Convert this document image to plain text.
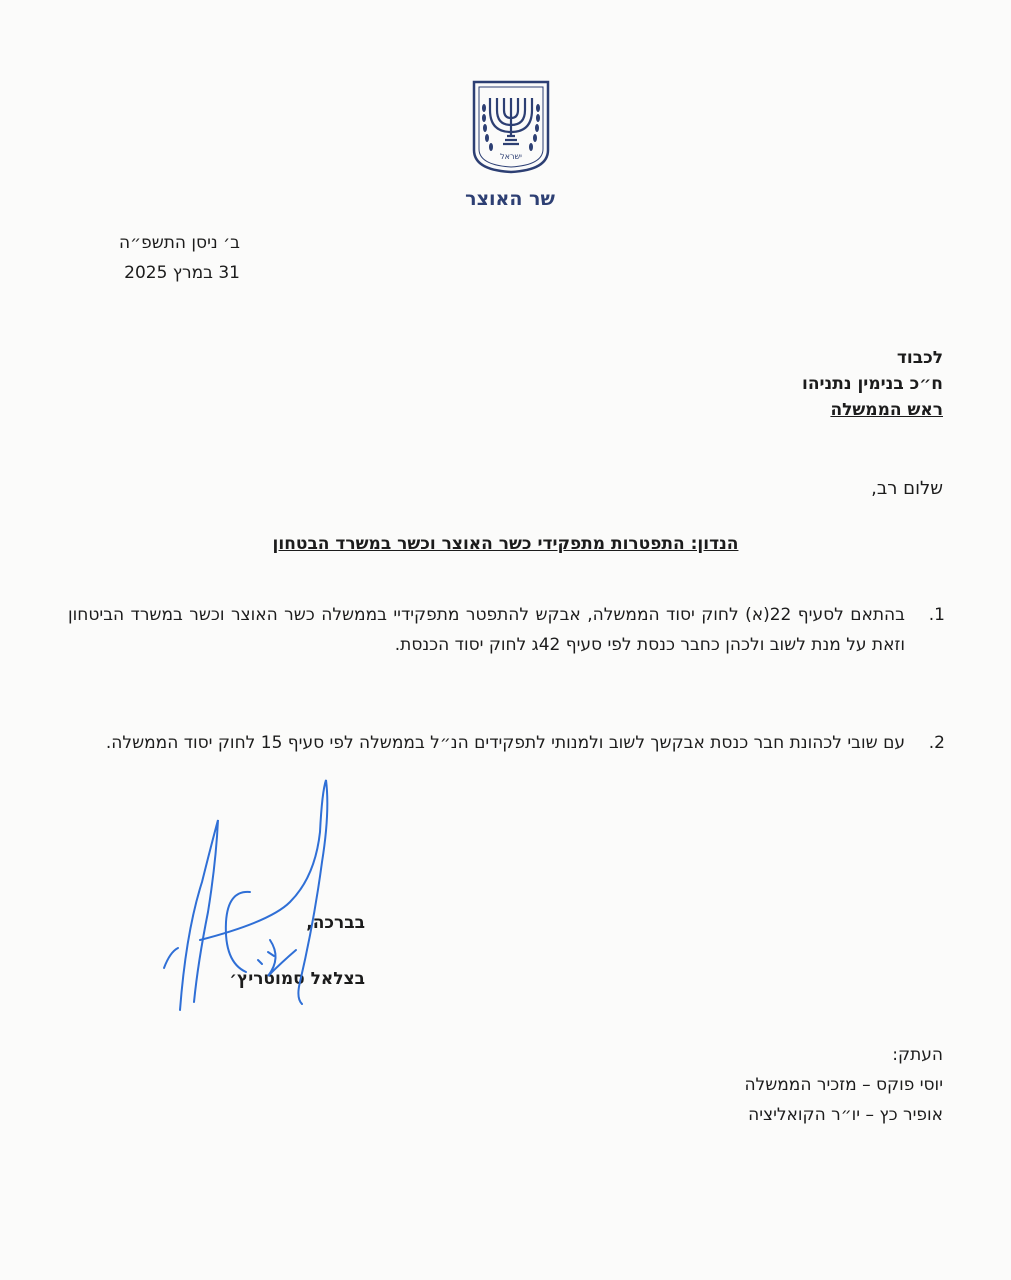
ישראל
שר האוצר
ב׳ ניסן התשפ״ה
31 במרץ 2025
לכבוד
ח״כ בנימין נתניהו
ראש הממשלה
שלום רב,
הנדון: התפטרות מתפקידי כשר האוצר וכשר במשרד הבטחון
1.
בהתאם לסעיף 22(א) לחוק יסוד הממשלה, אבקש להתפטר מתפקידיי בממשלה כשר האוצר וכשר במשרד הביטחון וזאת על מנת לשוב ולכהן כחבר כנסת לפי סעיף 42ג לחוק יסוד הכנסת.
2.
עם שובי לכהונת חבר כנסת אבקשך לשוב ולמנותי לתפקידים הנ״ל בממשלה לפי סעיף 15 לחוק יסוד הממשלה.
בברכה,
בצלאל סמוטריץ׳
העתק:
יוסי פוקס – מזכיר הממשלה
אופיר כץ – יו״ר הקואליציה
